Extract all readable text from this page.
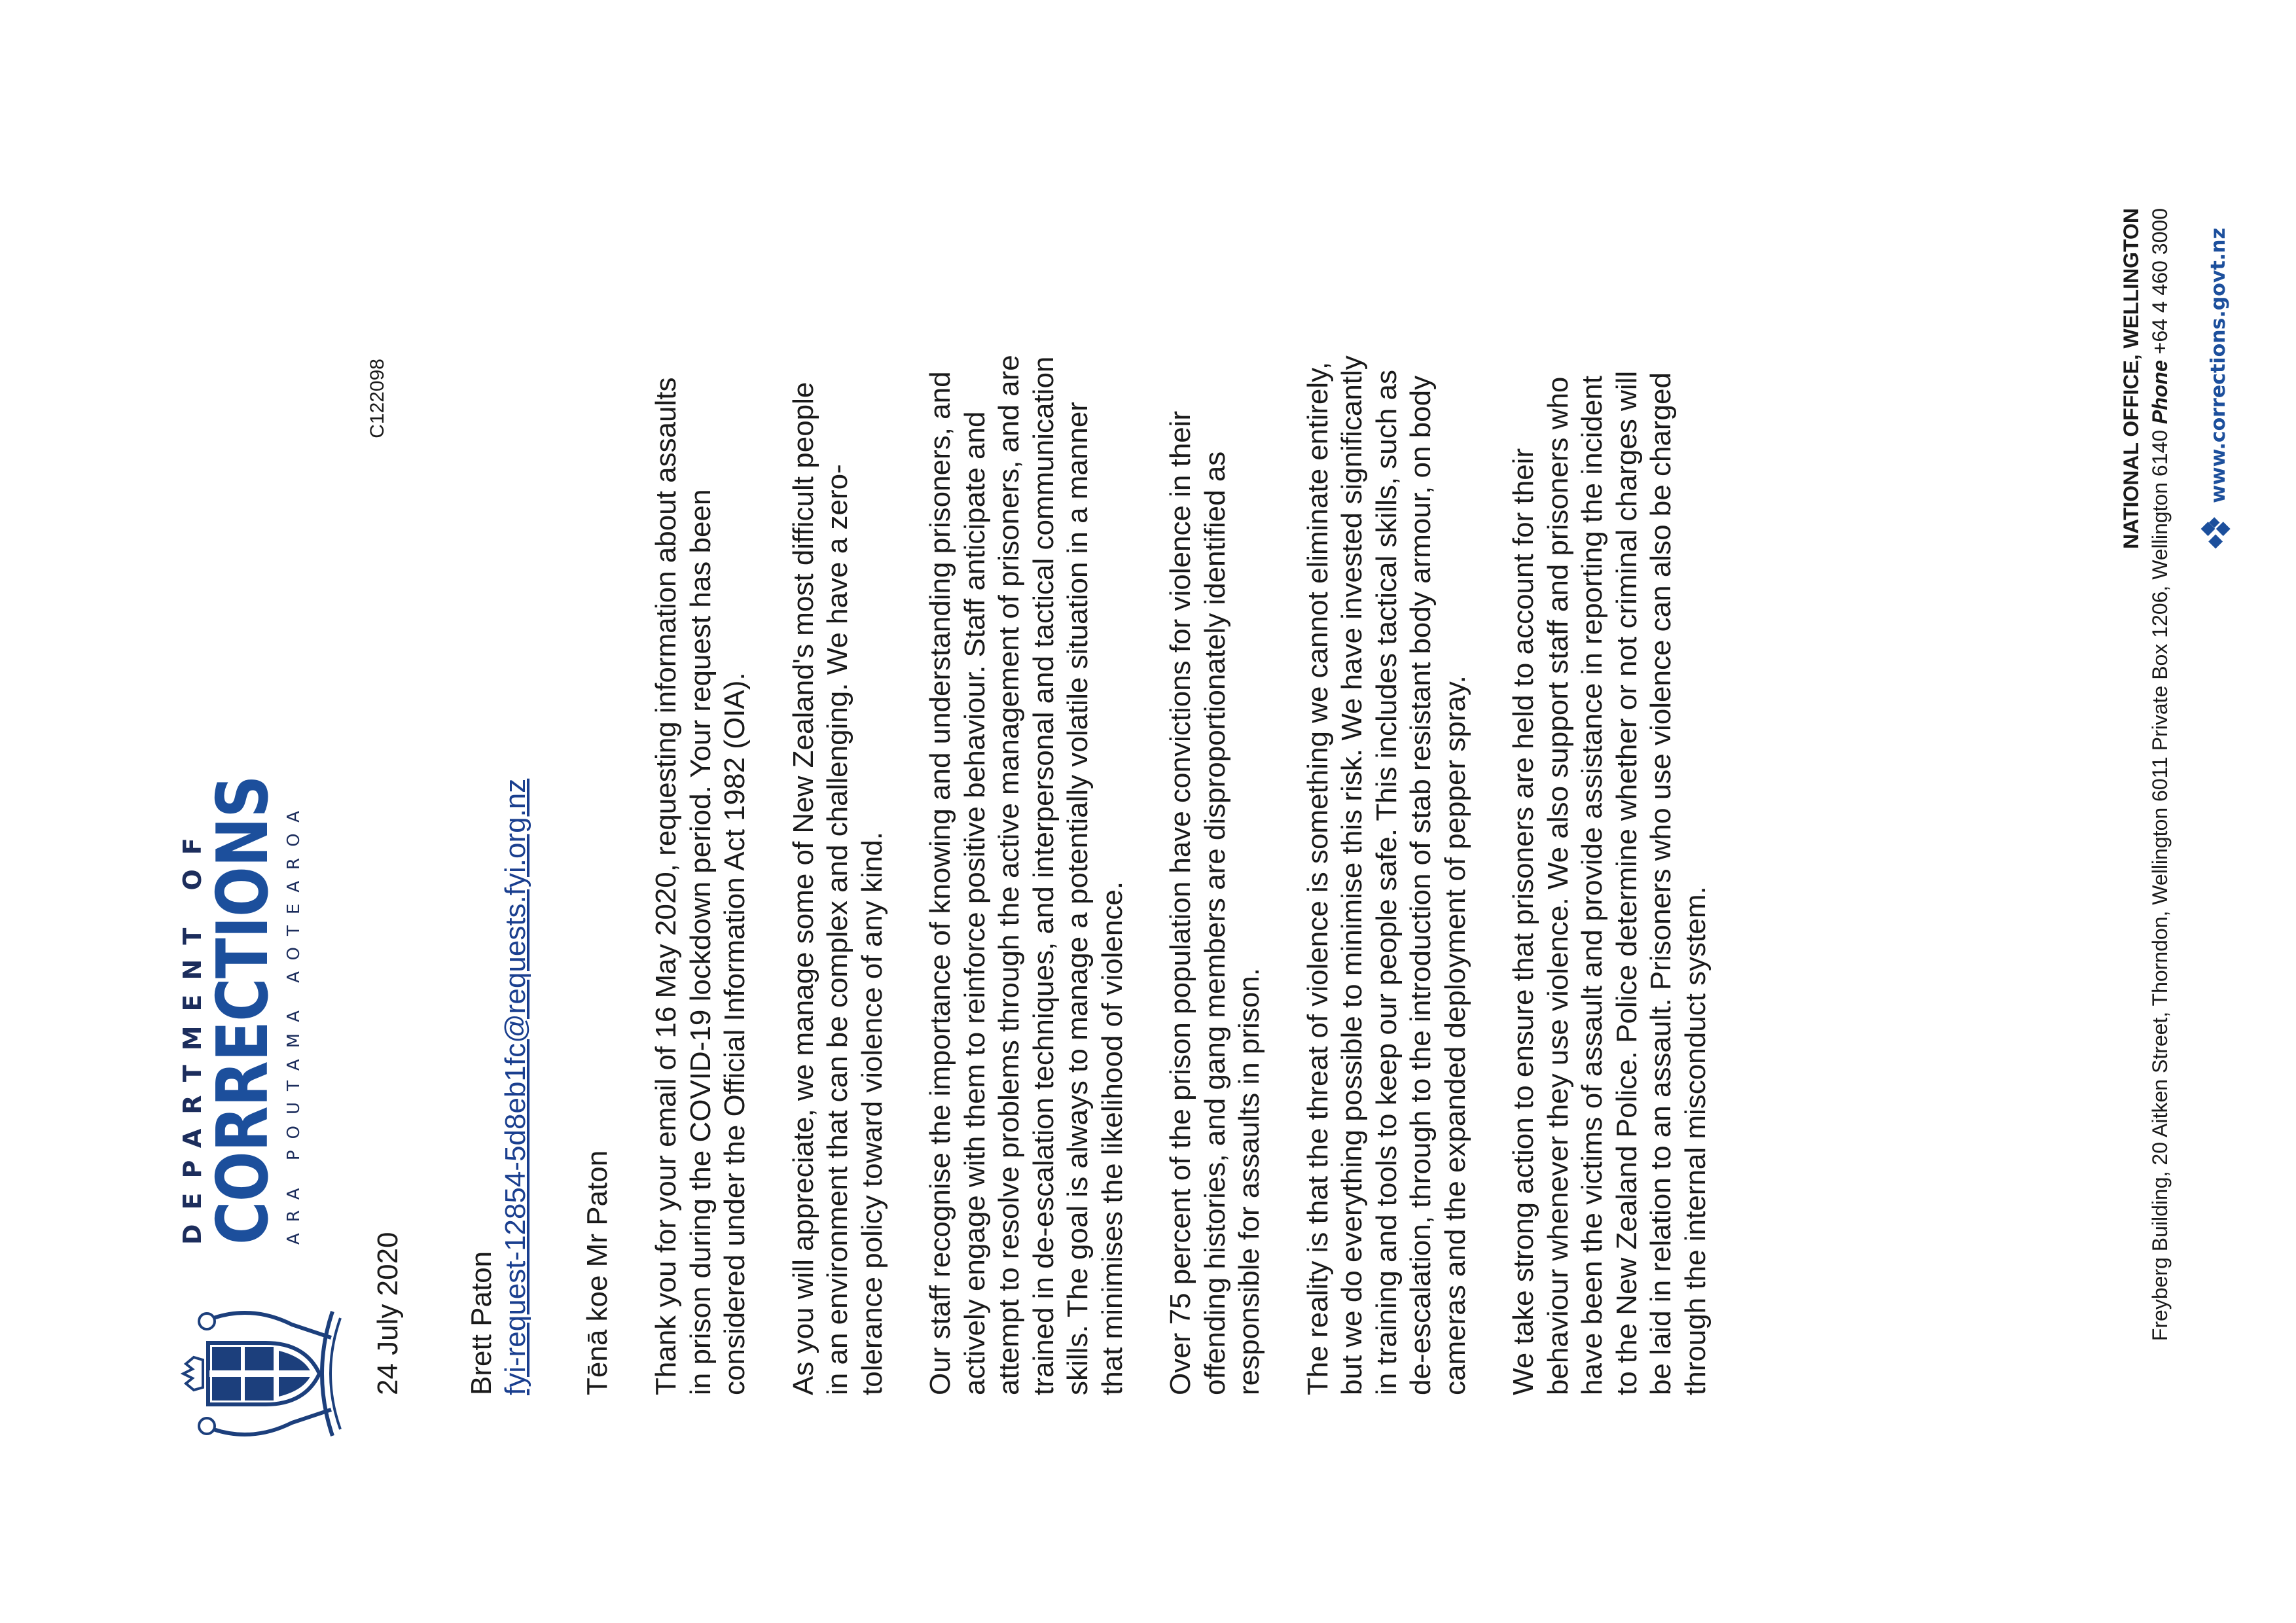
DEPARTMENT OF
CORRECTIONS ARA POUTAMA AOTEAROA
C122098
24 July 2020 Brett Paton fyi-request-12854-5d8eb1fc@requests.fyi.org.nz Tēnā koe Mr Paton Thank you for your email of 16 May 2020, requesting information about assaults in prison during the COVID-19 lockdown period. Your request has been considered under the Official Information Act 1982 (OIA). As you will appreciate, we manage some of New Zealand's most difficult people in an environment that can be complex and challenging. We have a zero-tolerance policy toward violence of any kind. Our staff recognise the importance of knowing and understanding prisoners, and actively engage with them to reinforce positive behaviour. Staff anticipate and attempt to resolve problems through the active management of prisoners, and are trained in de-escalation techniques, and interpersonal and tactical communication skills. The goal is always to manage a potentially volatile situation in a manner that minimises the likelihood of violence. Over 75 percent of the prison population have convictions for violence in their offending histories, and gang members are disproportionately identified as responsible for assaults in prison. The reality is that the threat of violence is something we cannot eliminate entirely, but we do everything possible to minimise this risk. We have invested significantly in training and tools to keep our people safe. This includes tactical skills, such as de-escalation, through to the introduction of stab resistant body armour, on body cameras and the expanded deployment of pepper spray. We take strong action to ensure that prisoners are held to account for their behaviour whenever they use violence. We also support staff and prisoners who have been the victims of assault and provide assistance in reporting the incident to the New Zealand Police. Police determine whether or not criminal charges will be laid in relation to an assault. Prisoners who use violence can also be charged through the internal misconduct system.

NATIONAL OFFICE, WELLINGTON
Freyberg Building, 20 Aitken Street, Thorndon, Wellington 6011 Private Box 1206, Wellington 6140 Phone +64 4 460 3000 www.corrections.govt.nz
